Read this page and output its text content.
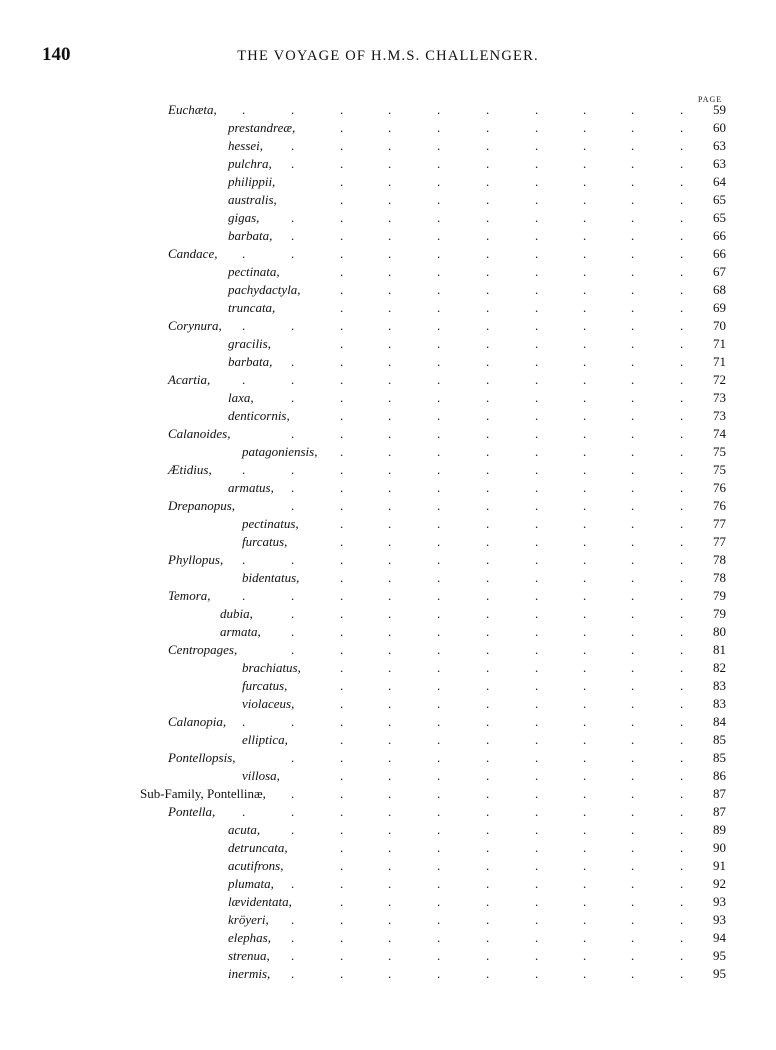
140	THE VOYAGE OF H.M.S. CHALLENGER.
PAGE
Euchæta, .	.	.	.	.	.	.	.	.	.	59
prestandreæ,	.	.	.	.	.	.	.	.	60
hessei, .	.	.	.	.	.	.	.	.	63
pulchra, .	.	.	.	.	.	.	.	.	63
philippii,	.	.	.	.	.	.	.	.	64
australis,	.	.	.	.	.	.	.	.	65
gigas, .	.	.	.	.	.	.	.	.	65
barbata, .	.	.	.	.	.	.	.	.	66
Candace, .	.	.	.	.	.	.	.	.	.	66
pectinata,	.	.	.	.	.	.	.	.	67
pachydactyla,	.	.	.	.	.	.	.	.	68
truncata,	.	.	.	.	.	.	.	.	69
Corynura, .	.	.	.	.	.	.	.	.	.	70
gracilis,	.	.	.	.	.	.	.	.	71
barbata, .	.	.	.	.	.	.	.	.	71
Acartia, .	.	.	.	.	.	.	.	.	.	72
laxa,	.	.	.	.	.	.	.	.	.	73
denticornis,	.	.	.	.	.	.	.	.	73
Calanoides,	.	.	.	.	.	.	.	.	.	74
patagoniensis, .	.	.	.	.	.	.	.	75
Ætidius, .	.	.	.	.	.	.	.	.	.	75
armatus, .	.	.	.	.	.	.	.	.	76
Drepanopus,	.	.	.	.	.	.	.	.	.	76
pectinatus,	.	.	.	.	.	.	.	.	77
furcatus,	.	.	.	.	.	.	.	.	77
Phyllopus, .	.	.	.	.	.	.	.	.	.	78
bidentatus,	.	.	.	.	.	.	.	.	78
Temora, .	.	.	.	.	.	.	.	.	.	79
dubia,	.	.	.	.	.	.	.	.	.	79
armata, .	.	.	.	.	.	.	.	.	80
Centropages,	.	.	.	.	.	.	.	.	.	81
brachiatus,	.	.	.	.	.	.	.	.	82
furcatus,	.	.	.	.	.	.	.	.	83
violaceus,	.	.	.	.	.	.	.	.	83
Calanopia, .	.	.	.	.	.	.	.	.	.	84
elliptica,	.	.	.	.	.	.	.	.	85
Pontellopsis,	.	.	.	.	.	.	.	.	.	85
villosa,	.	.	.	.	.	.	.	.	86
Sub-Family, Pontellinæ, .	.	.	.	.	.	.	.	.	87
Pontella, .	.	.	.	.	.	.	.	.	.	87
acuta, .	.	.	.	.	.	.	.	.	89
detruncata,	.	.	.	.	.	.	.	.	90
acutifrons,	.	.	.	.	.	.	.	.	91
plumata, .	.	.	.	.	.	.	.	.	92
lævidentata,	.	.	.	.	.	.	.	.	93
kröyeri, .	.	.	.	.	.	.	.	.	93
elephas, .	.	.	.	.	.	.	.	.	94
strenua, .	.	.	.	.	.	.	.	.	95
inermis, .	.	.	.	.	.	.	.	.	95
